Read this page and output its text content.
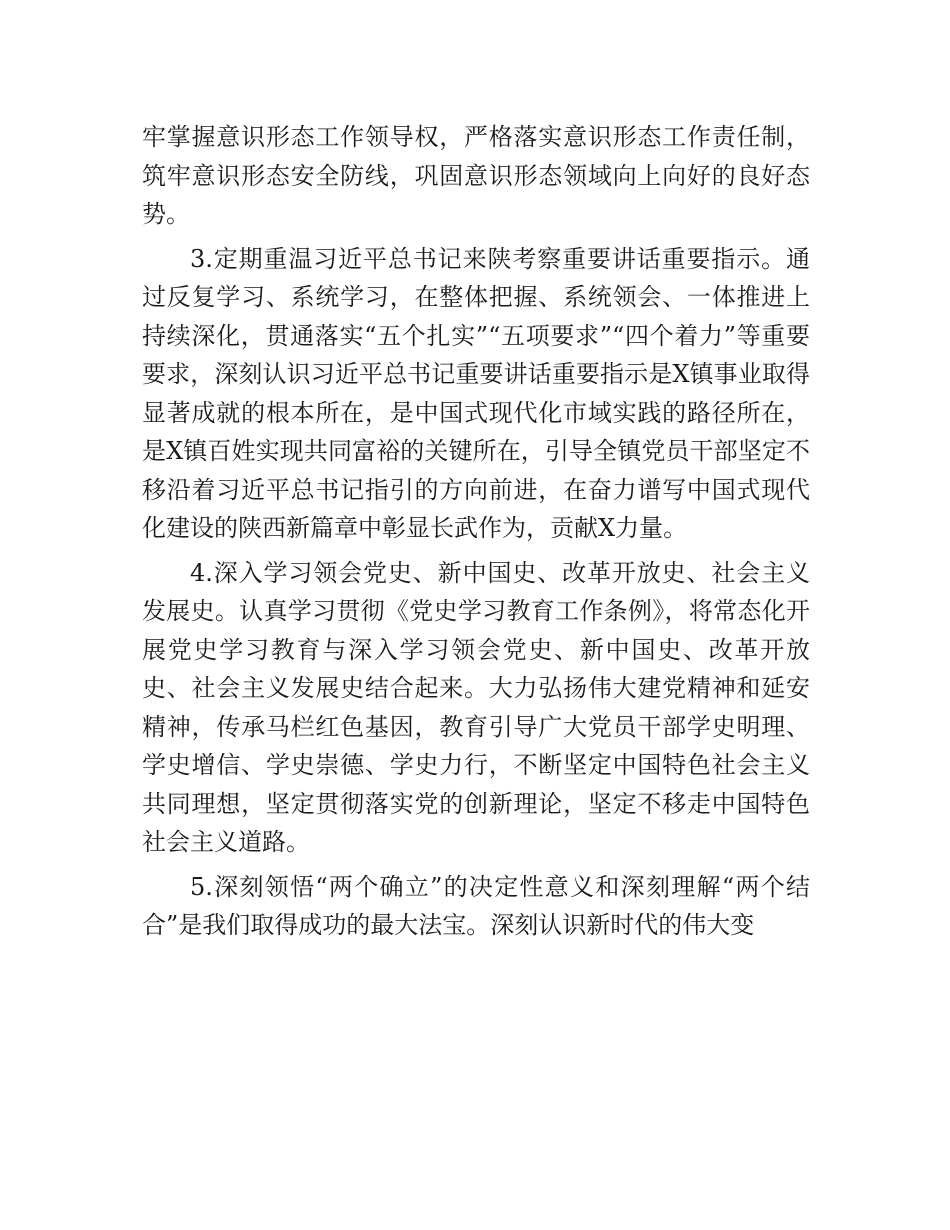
牢掌握意识形态工作领导权，严格落实意识形态工作责任制，筑牢意识形态安全防线，巩固意识形态领域向上向好的良好态势。

3.定期重温习近平总书记来陕考察重要讲话重要指示。通过反复学习、系统学习，在整体把握、系统领会、一体推进上持续深化，贯通落实“五个扎实”“五项要求”“四个着力”等重要要求，深刻认识习近平总书记重要讲话重要指示是X镇事业取得显著成就的根本所在，是中国式现代化市域实践的路径所在，是X镇百姓实现共同富裕的关键所在，引导全镇党员干部坚定不移沿着习近平总书记指引的方向前进，在奋力谱写中国式现代化建设的陕西新篇章中彰显长武作为，贡献X力量。

4.深入学习领会党史、新中国史、改革开放史、社会主义发展史。认真学习贯彻《党史学习教育工作条例》，将常态化开展党史学习教育与深入学习领会党史、新中国史、改革开放史、社会主义发展史结合起来。大力弘扬伟大建党精神和延安精神，传承马栏红色基因，教育引导广大党员干部学史明理、学史增信、学史崇德、学史力行，不断坚定中国特色社会主义共同理想，坚定贯彻落实党的创新理论，坚定不移走中国特色社会主义道路。

5.深刻领悟“两个确立”的决定性意义和深刻理解“两个结合”是我们取得成功的最大法宝。深刻认识新时代的伟大变
